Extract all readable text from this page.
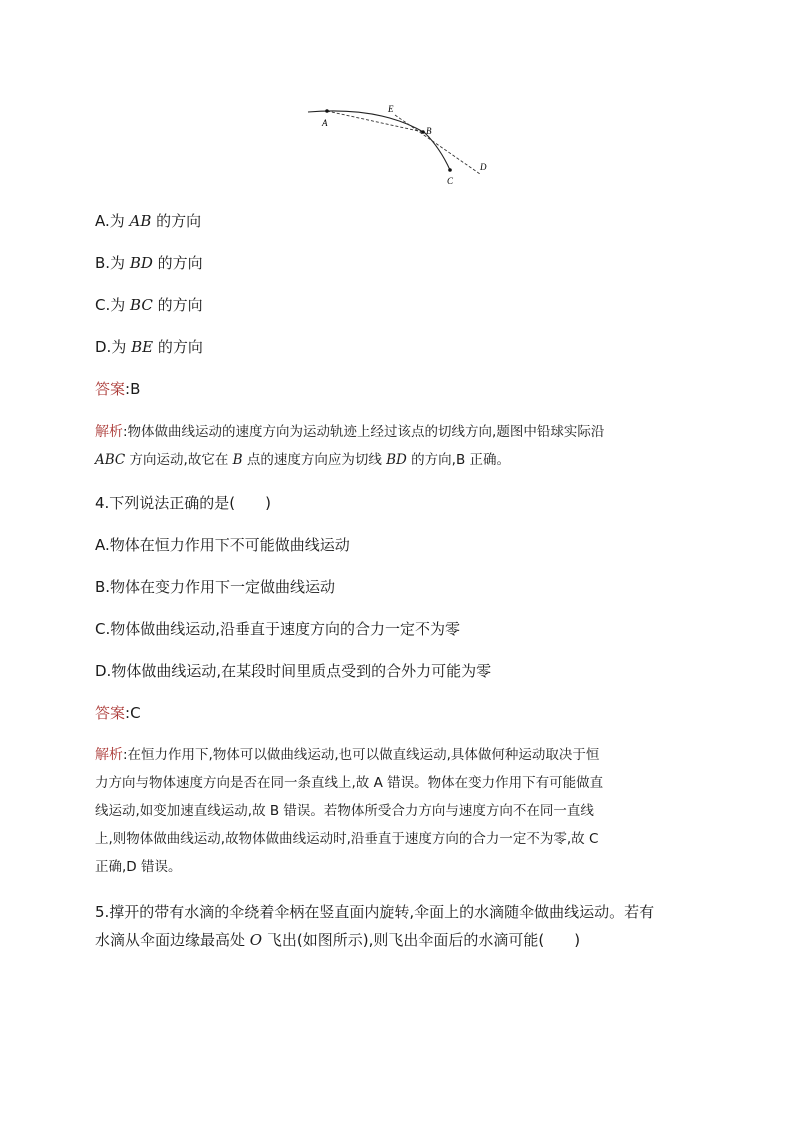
A
B
C
D
E
A.为 AB 的方向
B.为 BD 的方向
C.为 BC 的方向
D.为 BE 的方向
答案:B
解析:物体做曲线运动的速度方向为运动轨迹上经过该点的切线方向,题图中铅球实际沿
ABC 方向运动,故它在 B 点的速度方向应为切线 BD 的方向,B 正确。
4.下列说法正确的是(　　)
A.物体在恒力作用下不可能做曲线运动
B.物体在变力作用下一定做曲线运动
C.物体做曲线运动,沿垂直于速度方向的合力一定不为零
D.物体做曲线运动,在某段时间里质点受到的合外力可能为零
答案:C
解析:在恒力作用下,物体可以做曲线运动,也可以做直线运动,具体做何种运动取决于恒
力方向与物体速度方向是否在同一条直线上,故 A 错误。物体在变力作用下有可能做直
线运动,如变加速直线运动,故 B 错误。若物体所受合力方向与速度方向不在同一直线
上,则物体做曲线运动,故物体做曲线运动时,沿垂直于速度方向的合力一定不为零,故 C
正确,D 错误。
5.撑开的带有水滴的伞绕着伞柄在竖直面内旋转,伞面上的水滴随伞做曲线运动。若有
水滴从伞面边缘最高处 O 飞出(如图所示),则飞出伞面后的水滴可能(　　)
